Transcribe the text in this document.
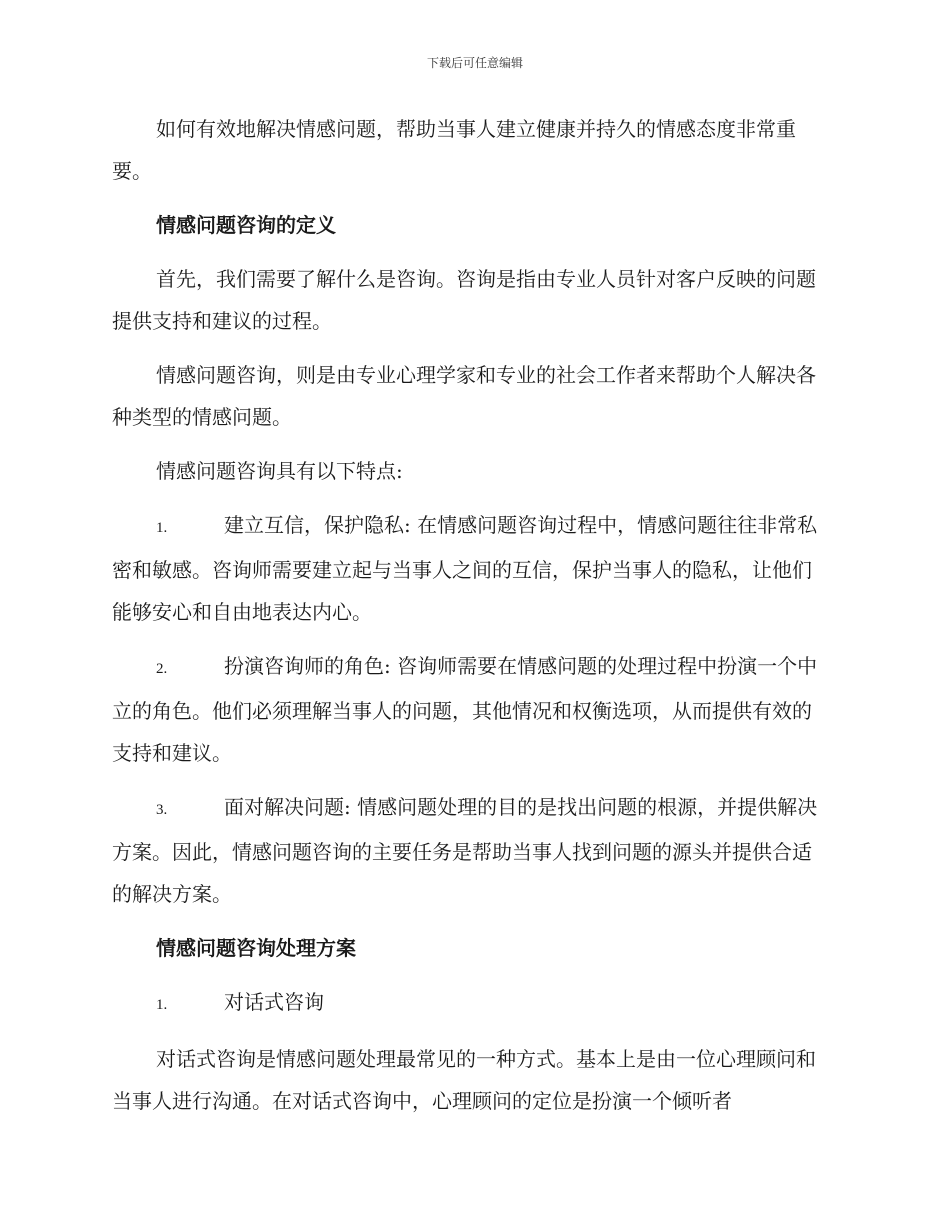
下载后可任意编辑

如何有效地解决情感问题，帮助当事人建立健康并持久的情感态度非常重要。

情感问题咨询的定义

首先，我们需要了解什么是咨询。咨询是指由专业人员针对客户反映的问题提供支持和建议的过程。

情感问题咨询，则是由专业心理学家和专业的社会工作者来帮助个人解决各种类型的情感问题。

情感问题咨询具有以下特点:

1.	建立互信，保护隐私: 在情感问题咨询过程中，情感问题往往非常私密和敏感。咨询师需要建立起与当事人之间的互信，保护当事人的隐私，让他们能够安心和自由地表达内心。
2.	扮演咨询师的角色: 咨询师需要在情感问题的处理过程中扮演一个中立的角色。他们必须理解当事人的问题，其他情况和权衡选项，从而提供有效的支持和建议。
3.	面对解决问题: 情感问题处理的目的是找出问题的根源，并提供解决方案。因此，情感问题咨询的主要任务是帮助当事人找到问题的源头并提供合适的解决方案。
情感问题咨询处理方案
1.	对话式咨询

对话式咨询是情感问题处理最常见的一种方式。基本上是由一位心理顾问和当事人进行沟通。在对话式咨询中，心理顾问的定位是扮演一个倾听者
